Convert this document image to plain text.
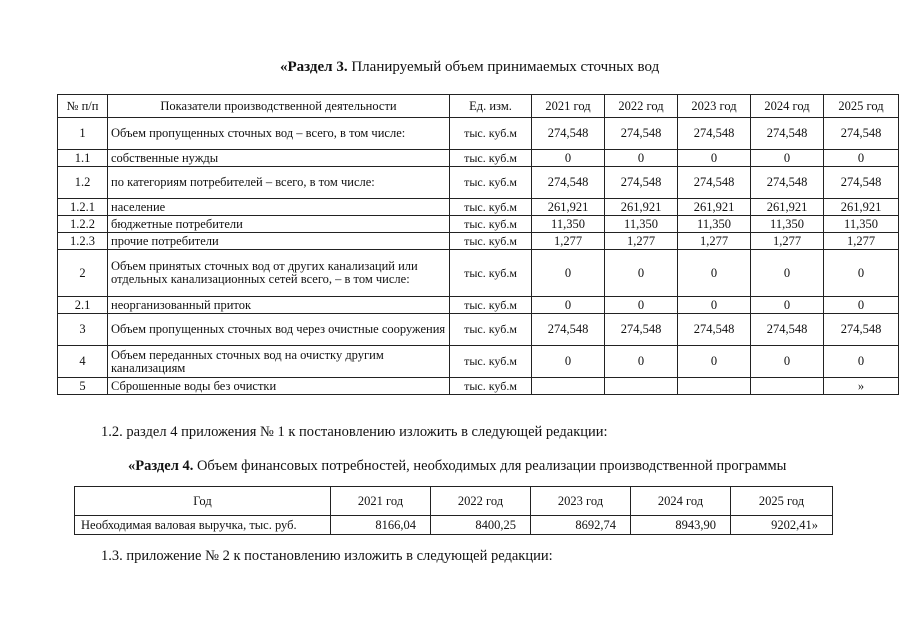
«Раздел 3. Планируемый объем принимаемых сточных вод
№ п/п	Показатели производственной деятельности	Ед. изм.	2021 год	2022 год	2023 год	2024 год	2025 год
1	Объем пропущенных сточных вод – всего, в том числе:	тыс. куб.м	274,548	274,548	274,548	274,548	274,548
1.1	собственные нужды	тыс. куб.м	0	0	0	0	0
1.2	по категориям потребителей – всего, в том числе:	тыс. куб.м	274,548	274,548	274,548	274,548	274,548
1.2.1	население	тыс. куб.м	261,921	261,921	261,921	261,921	261,921
1.2.2	бюджетные потребители	тыс. куб.м	11,350	11,350	11,350	11,350	11,350
1.2.3	прочие потребители	тыс. куб.м	1,277	1,277	1,277	1,277	1,277
2	Объем принятых сточных вод от других канализаций или отдельных канализационных сетей всего, – в том числе:	тыс. куб.м	0	0	0	0	0
2.1	неорганизованный приток	тыс. куб.м	0	0	0	0	0
3	Объем пропущенных сточных вод через очистные сооружения	тыс. куб.м	274,548	274,548	274,548	274,548	274,548
4	Объем переданных сточных вод на очистку другим канализациям	тыс. куб.м	0	0	0	0	0
5	Сброшенные воды без очистки	тыс. куб.м					»
1.2. раздел 4 приложения № 1 к постановлению изложить в следующей редакции:
«Раздел 4. Объем финансовых потребностей, необходимых для реализации производственной программы
Год	2021 год	2022 год	2023 год	2024 год	2025 год
Необходимая валовая выручка, тыс. руб.	8166,04	8400,25	8692,74	8943,90	9202,41»
1.3. приложение № 2 к постановлению изложить в следующей редакции:
